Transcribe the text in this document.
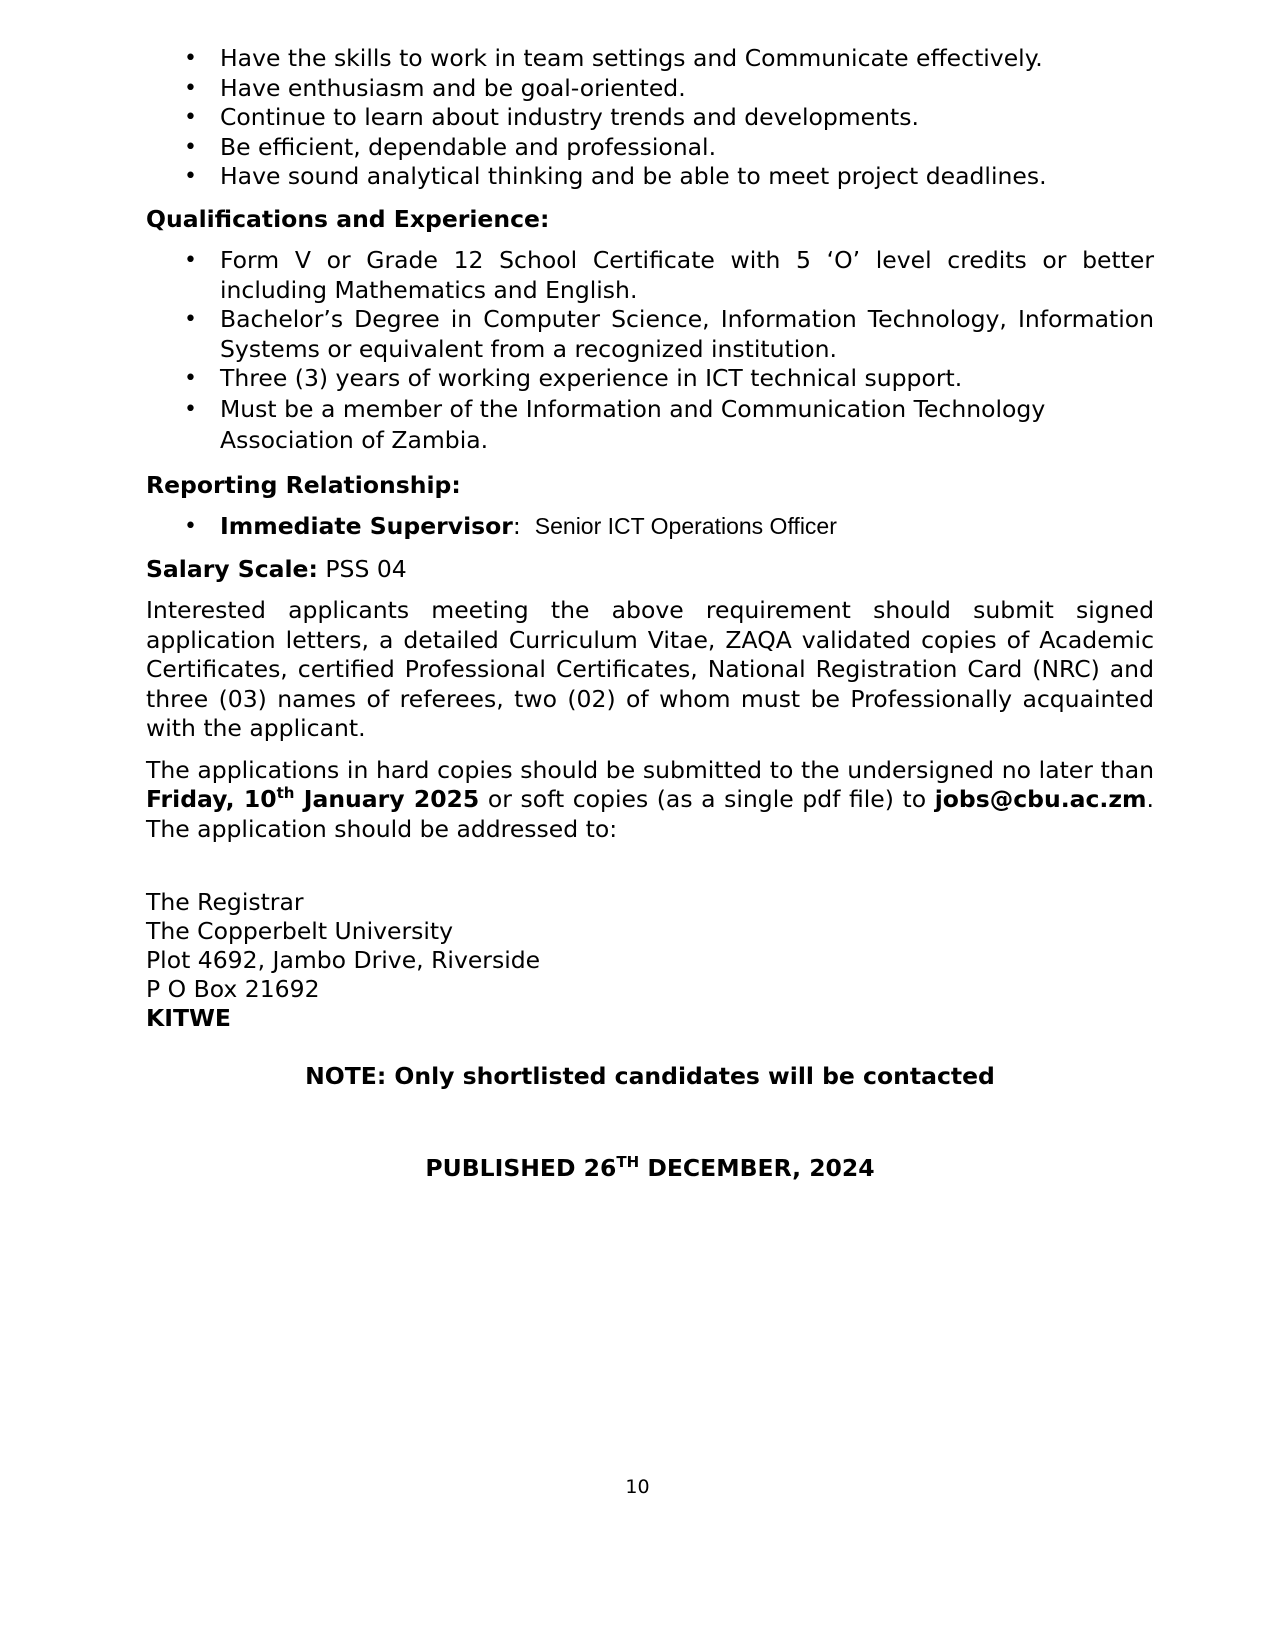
• Have the skills to work in team settings and Communicate effectively.
• Have enthusiasm and be goal-oriented.
• Continue to learn about industry trends and developments.
• Be efficient, dependable and professional.
• Have sound analytical thinking and be able to meet project deadlines.
Qualifications and Experience:
• Form V or Grade 12 School Certificate with 5 ‘O’ level credits or better including Mathematics and English.
• Bachelor’s Degree in Computer Science, Information Technology, Information Systems or equivalent from a recognized institution.
• Three (3) years of working experience in ICT technical support.
• Must be a member of the Information and Communication Technology Association of Zambia.
Reporting Relationship:
• Immediate Supervisor: Senior ICT Operations Officer

Salary Scale: PSS 04

Interested applicants meeting the above requirement should submit signed application letters, a detailed Curriculum Vitae, ZAQA validated copies of Academic Certificates, certified Professional Certificates, National Registration Card (NRC) and three (03) names of referees, two (02) of whom must be Professionally acquainted with the applicant.

The applications in hard copies should be submitted to the undersigned no later than Friday, 10th January 2025 or soft copies (as a single pdf file) to jobs@cbu.ac.zm. The application should be addressed to:

The Registrar
The Copperbelt University
Plot 4692, Jambo Drive, Riverside
P O Box 21692
KITWE
NOTE: Only shortlisted candidates will be contacted
PUBLISHED 26TH DECEMBER, 2024
10
